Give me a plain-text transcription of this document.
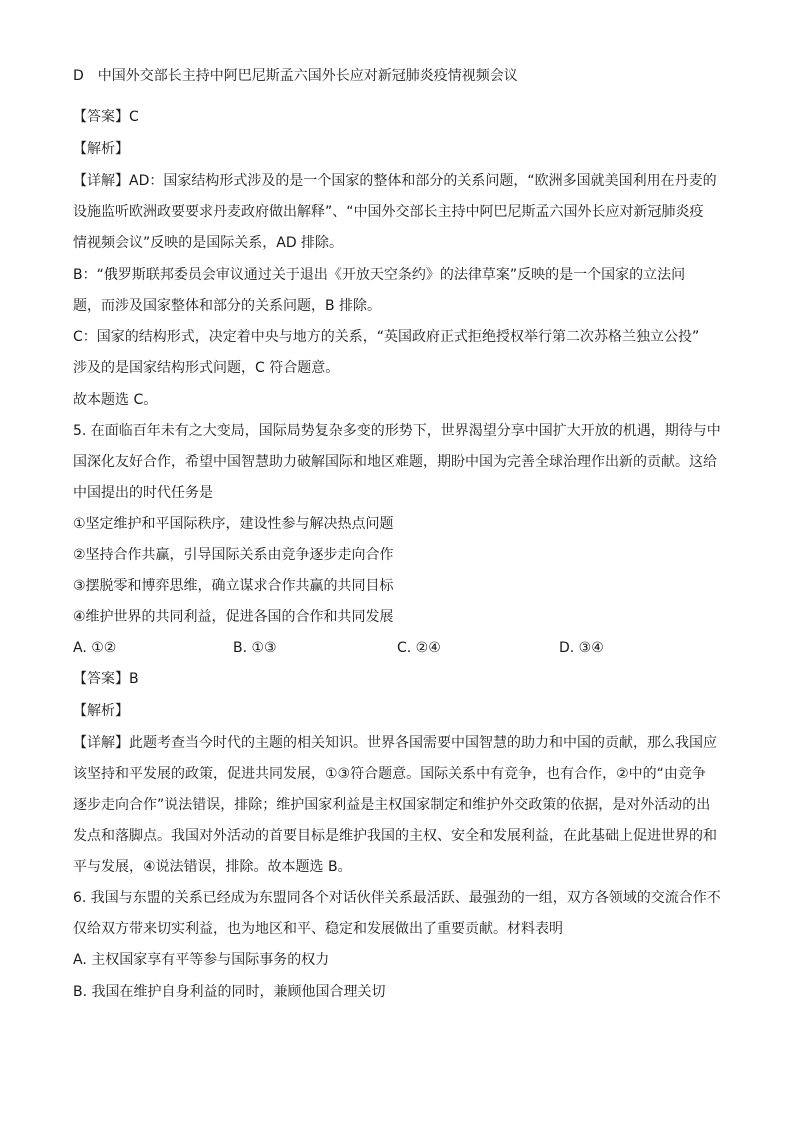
D　中国外交部长主持中阿巴尼斯孟六国外长应对新冠肺炎疫情视频会议
【答案】C
【解析】
【详解】AD：国家结构形式涉及的是一个国家的整体和部分的关系问题，“欧洲多国就美国利用在丹麦的
设施监听欧洲政要要求丹麦政府做出解释”、“中国外交部长主持中阿巴尼斯孟六国外长应对新冠肺炎疫
情视频会议”反映的是国际关系，AD 排除。
B：“俄罗斯联邦委员会审议通过关于退出《开放天空条约》的法律草案”反映的是一个国家的立法问
题，而涉及国家整体和部分的关系问题，B 排除。
C：国家的结构形式，决定着中央与地方的关系，“英国政府正式拒绝授权举行第二次苏格兰独立公投”
涉及的是国家结构形式问题，C 符合题意。
故本题选 C。
5. 在面临百年未有之大变局，国际局势复杂多变的形势下，世界渴望分享中国扩大开放的机遇，期待与中
国深化友好合作，希望中国智慧助力破解国际和地区难题，期盼中国为完善全球治理作出新的贡献。这给
中国提出的时代任务是
①坚定维护和平国际秩序，建设性参与解决热点问题
②坚持合作共赢，引导国际关系由竞争逐步走向合作
③摆脱零和博弈思维，确立谋求合作共赢的共同目标
④维护世界的共同利益，促进各国的合作和共同发展
A. ①②	B. ①③	C. ②④	D. ③④
【答案】B
【解析】
【详解】此题考查当今时代的主题的相关知识。世界各国需要中国智慧的助力和中国的贡献，那么我国应
该坚持和平发展的政策，促进共同发展，①③符合题意。国际关系中有竞争，也有合作，②中的“由竞争
逐步走向合作”说法错误，排除；维护国家利益是主权国家制定和维护外交政策的依据，是对外活动的出
发点和落脚点。我国对外活动的首要目标是维护我国的主权、安全和发展利益，在此基础上促进世界的和
平与发展，④说法错误，排除。故本题选 B。
6. 我国与东盟的关系已经成为东盟同各个对话伙伴关系最活跃、最强劲的一组，双方各领域的交流合作不
仅给双方带来切实利益，也为地区和平、稳定和发展做出了重要贡献。材料表明
A. 主权国家享有平等参与国际事务的权力
B. 我国在维护自身利益的同时，兼顾他国合理关切
